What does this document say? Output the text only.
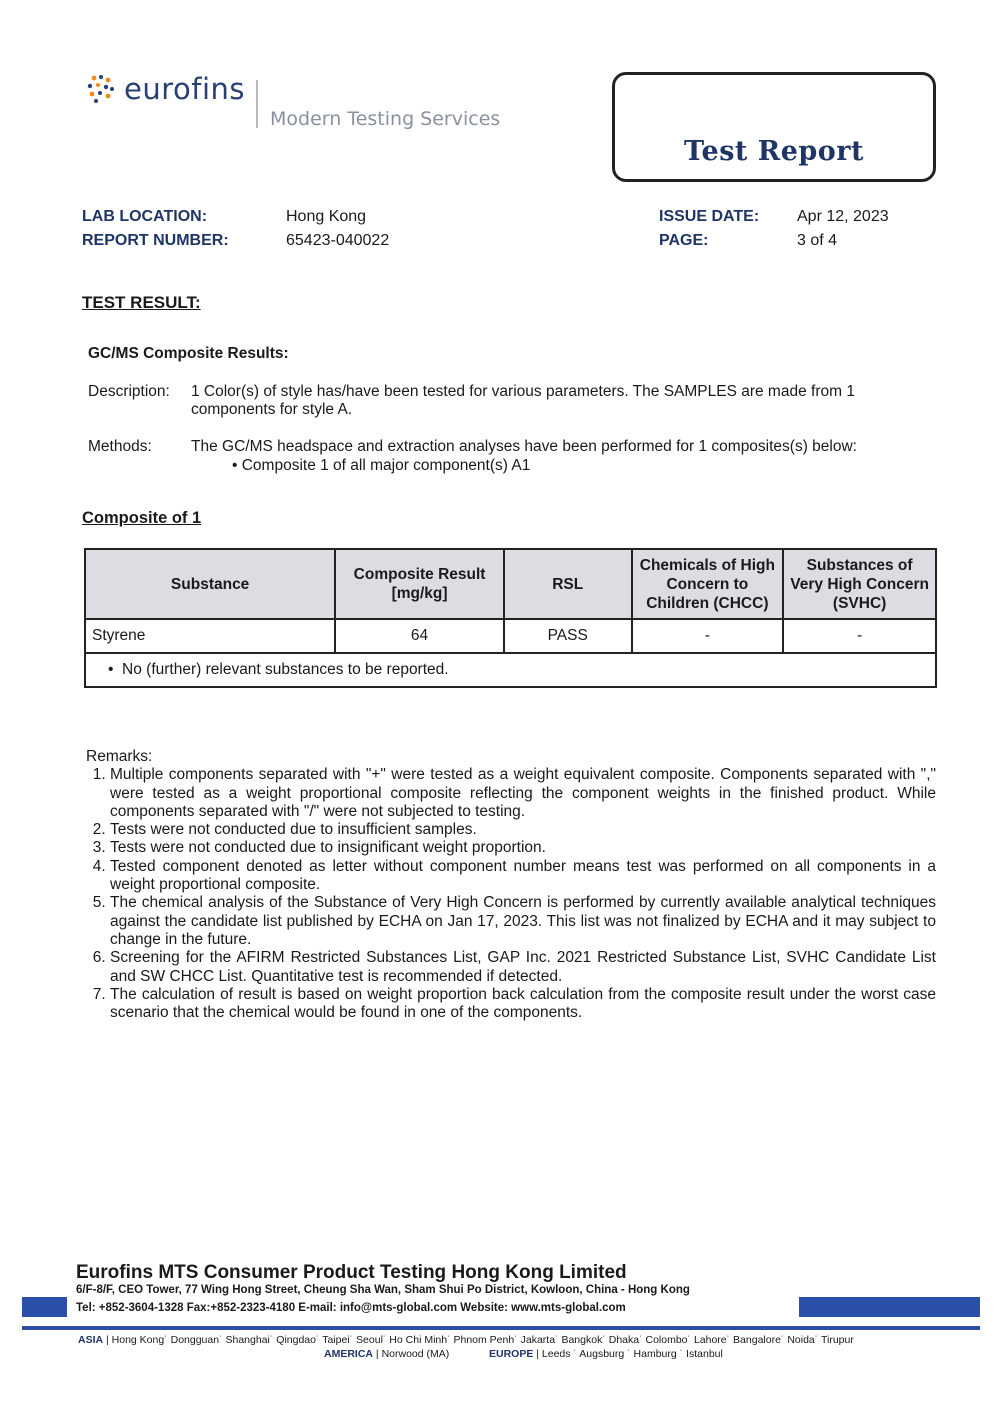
eurofins
Modern Testing Services
Test Report
LAB LOCATION:	Hong Kong
REPORT NUMBER:	65423-040022
ISSUE DATE: Apr 12, 2023
PAGE:	3 of 4
TEST RESULT:
GC/MS Composite Results:
Description: 1 Color(s) of style has/have been tested for various parameters. The SAMPLES are made from 1 components for style A.
Methods:	The GC/MS headspace and extraction analyses have been performed for 1 composites(s) below:
• Composite 1 of all major component(s) A1
Composite of 1
Substance	Composite Result [mg/kg]	RSL	Chemicals of High Concern to Children (CHCC)	Substances of Very High Concern (SVHC)
Styrene	64	PASS	-	-
•  No (further) relevant substances to be reported.				
Remarks:
1. Multiple components separated with "+" were tested as a weight equivalent composite. Components separated with "," were tested as a weight proportional composite reflecting the component weights in the finished product. While components separated with "/" were not subjected to testing.
2. Tests were not conducted due to insufficient samples.
3. Tests were not conducted due to insignificant weight proportion.
4. Tested component denoted as letter without component number means test was performed on all components in a weight proportional composite.
5. The chemical analysis of the Substance of Very High Concern is performed by currently available analytical techniques against the candidate list published by ECHA on Jan 17, 2023. This list was not finalized by ECHA and it may subject to change in the future.
6. Screening for the AFIRM Restricted Substances List, GAP Inc. 2021 Restricted Substance List, SVHC Candidate List and SW CHCC List. Quantitative test is recommended if detected.
7. The calculation of result is based on weight proportion back calculation from the composite result under the worst case scenario that the chemical would be found in one of the components.
Eurofins MTS Consumer Product Testing Hong Kong Limited
6/F-8/F, CEO Tower, 77 Wing Hong Street, Cheung Sha Wan, Sham Shui Po District, Kowloon, China - Hong Kong
Tel: +852-3604-1328 Fax:+852-2323-4180 E-mail: info@mts-global.com Website: www.mts-global.com
ASIA | Hong Kong˙ Dongguan˙ Shanghai˙ Qingdao˙ Taipei˙ Seoul˙ Ho Chi Minh˙ Phnom Penh˙ Jakarta˙ Bangkok˙ Dhaka˙ Colombo˙ Lahore˙ Bangalore˙ Noida˙ Tirupur
AMERICA | Norwood (MA)	EUROPE | Leeds ˙ Augsburg ˙ Hamburg ˙ Istanbul
